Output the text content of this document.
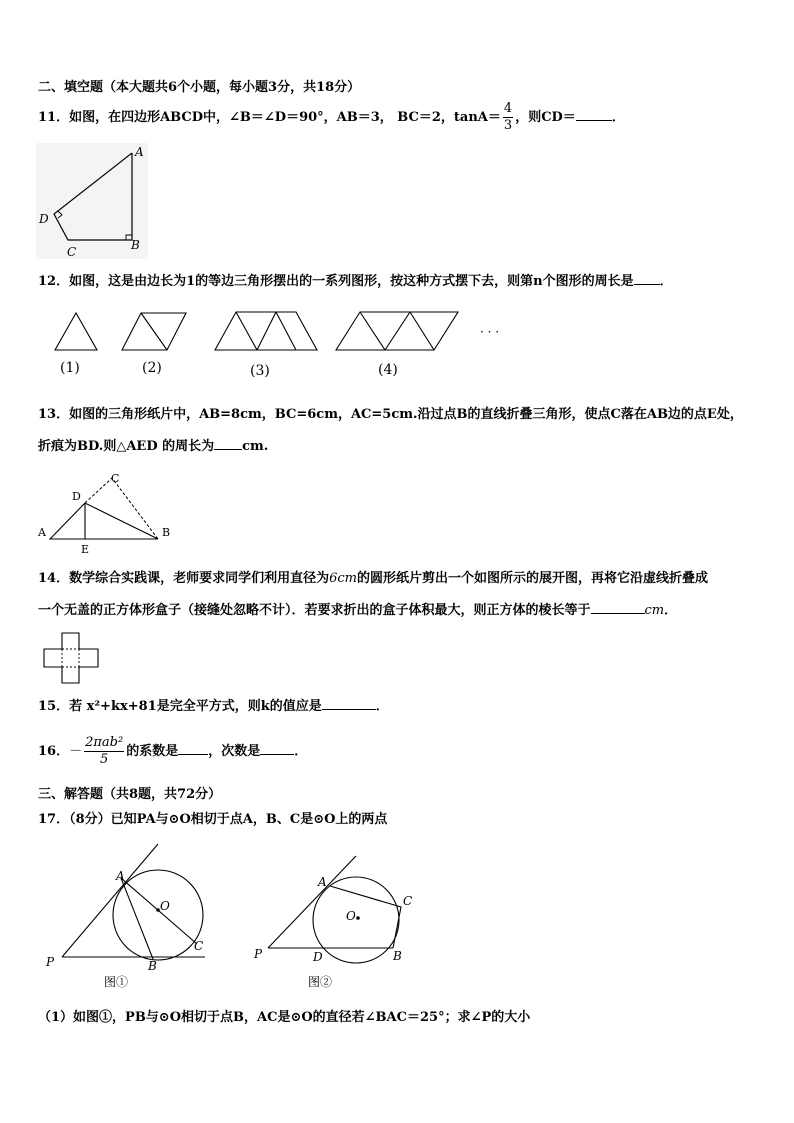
二、填空题（本大题共6个小题，每小题3分，共18分）
11．如图，在四边形ABCD中，∠B＝∠D＝90°，AB＝3， BC＝2，$\tan A= \frac{4}{3}$ ，则CD＝	．
A
B
C
D
12．如图，这是由边长为1的等边三角形摆出的一系列图形，按这种方式摆下去，则第n个图形的周长是 ．
(1)	(2)	(3)	(4)
· · ·
13．如图的三角形纸片中，AB=8cm，BC=6cm，AC=5cm.沿过点B的直线折叠三角形，使点C落在AB边的点E处，
折痕为BD.则△AED 的周长为 cm.
D
C
A	B
E
14．数学综合实践课，老师要求同学们利用直径为6cm的圆形纸片剪出一个如图所示的展开图，再将它沿虚线折叠成
一个无盖的正方体形盒子（接缝处忽略不计）．若要求折出的盒子体积最大，则正方体的棱长等于	cm．
15．若 x²+kx+81是完全平方式，则k的值应是	．
16．－ $\frac{\text{2πab²}}{5}$ 的系数是 ，次数是	．
三、解答题（共8题，共72分）
17．（8分）已知PA与⊙O相切于点A，B、C是⊙O上的两点
A
O
C
P	B
图①
A
O
C
P	D	B
图②
（1）如图①，PB与⊙O相切于点B，AC是⊙O的直径若∠BAC＝25°；求∠P的大小
